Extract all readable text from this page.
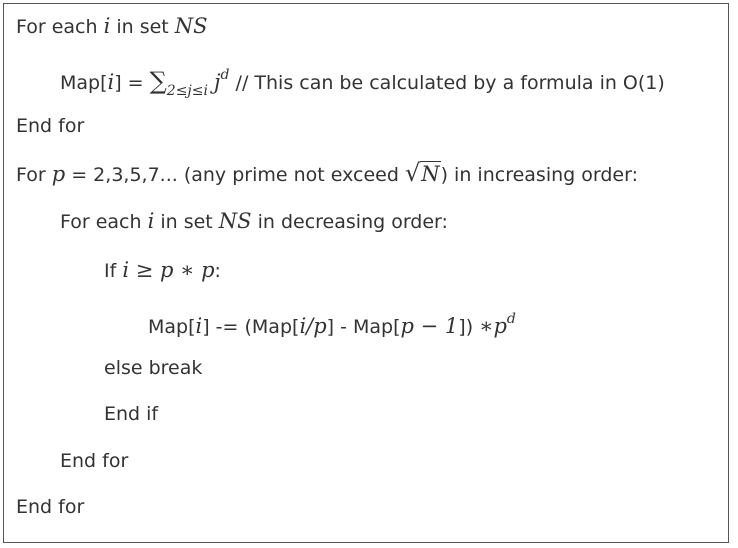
For each i in set NS
$Map[i] = \sum_{2\le j\le i}$ $j^d$ // This can be calculated by a formula in O(1)
End for
For p = 2,3,5,7... (any prime not exceed √N) in increasing order:
For each i in set NS in decreasing order:
If i ≥ p ∗ p:
Map[i] -= (Map[i/p] - Map[p − 1]) $∗p^d$
else break
End if
End for
End for
